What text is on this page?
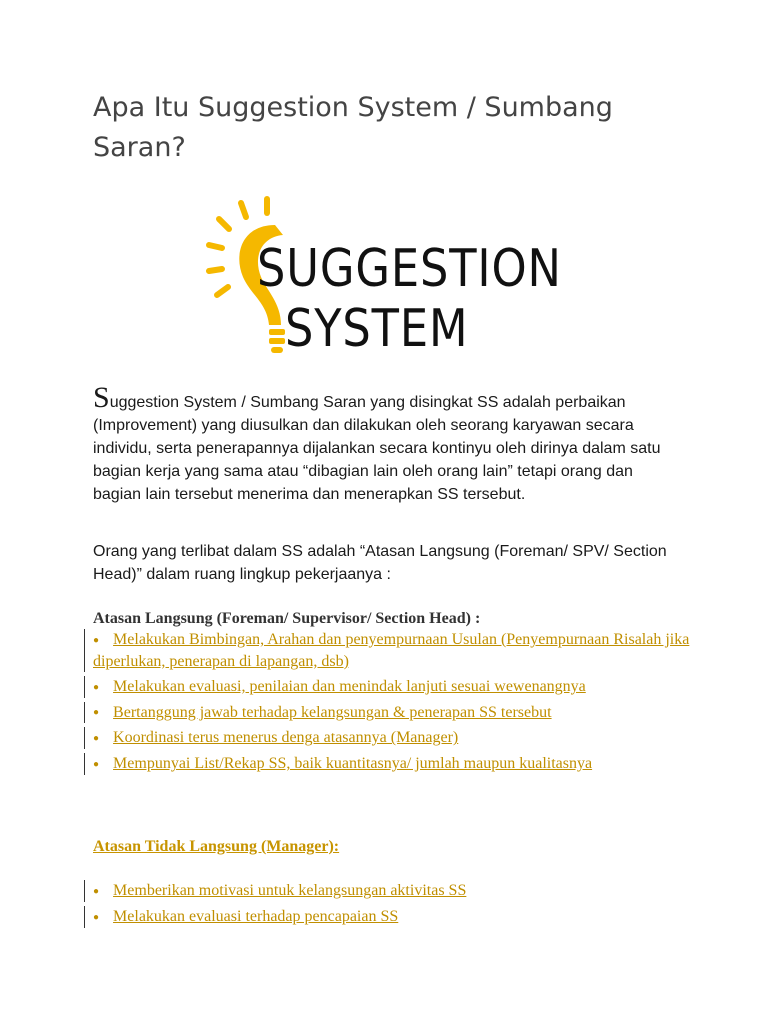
Apa Itu Suggestion System / Sumbang Saran?
SUGGESTION
SYSTEM

Suggestion System / Sumbang Saran yang disingkat SS adalah perbaikan (Improvement) yang diusulkan dan dilakukan oleh seorang karyawan secara individu, serta penerapannya dijalankan secara kontinyu oleh dirinya dalam satu bagian kerja yang sama atau “dibagian lain oleh orang lain” tetapi orang dan bagian lain tersebut menerima dan menerapkan SS tersebut.

Orang yang terlibat dalam SS adalah “Atasan Langsung (Foreman/ SPV/ Section Head)” dalam ruang lingkup pekerjaanya :

Atasan Langsung (Foreman/ Supervisor/ Section Head) :
● Melakukan Bimbingan, Arahan dan penyempurnaan Usulan (Penyempurnaan Risalah jika diperlukan, penerapan di lapangan, dsb)
● Melakukan evaluasi, penilaian dan menindak lanjuti sesuai wewenangnya
● Bertanggung jawab terhadap kelangsungan & penerapan SS tersebut
● Koordinasi terus menerus denga atasannya (Manager)
● Mempunyai List/Rekap SS, baik kuantitasnya/ jumlah maupun kualitasnya
Atasan Tidak Langsung (Manager):
● Memberikan motivasi untuk kelangsungan aktivitas SS
● Melakukan evaluasi terhadap pencapaian SS
